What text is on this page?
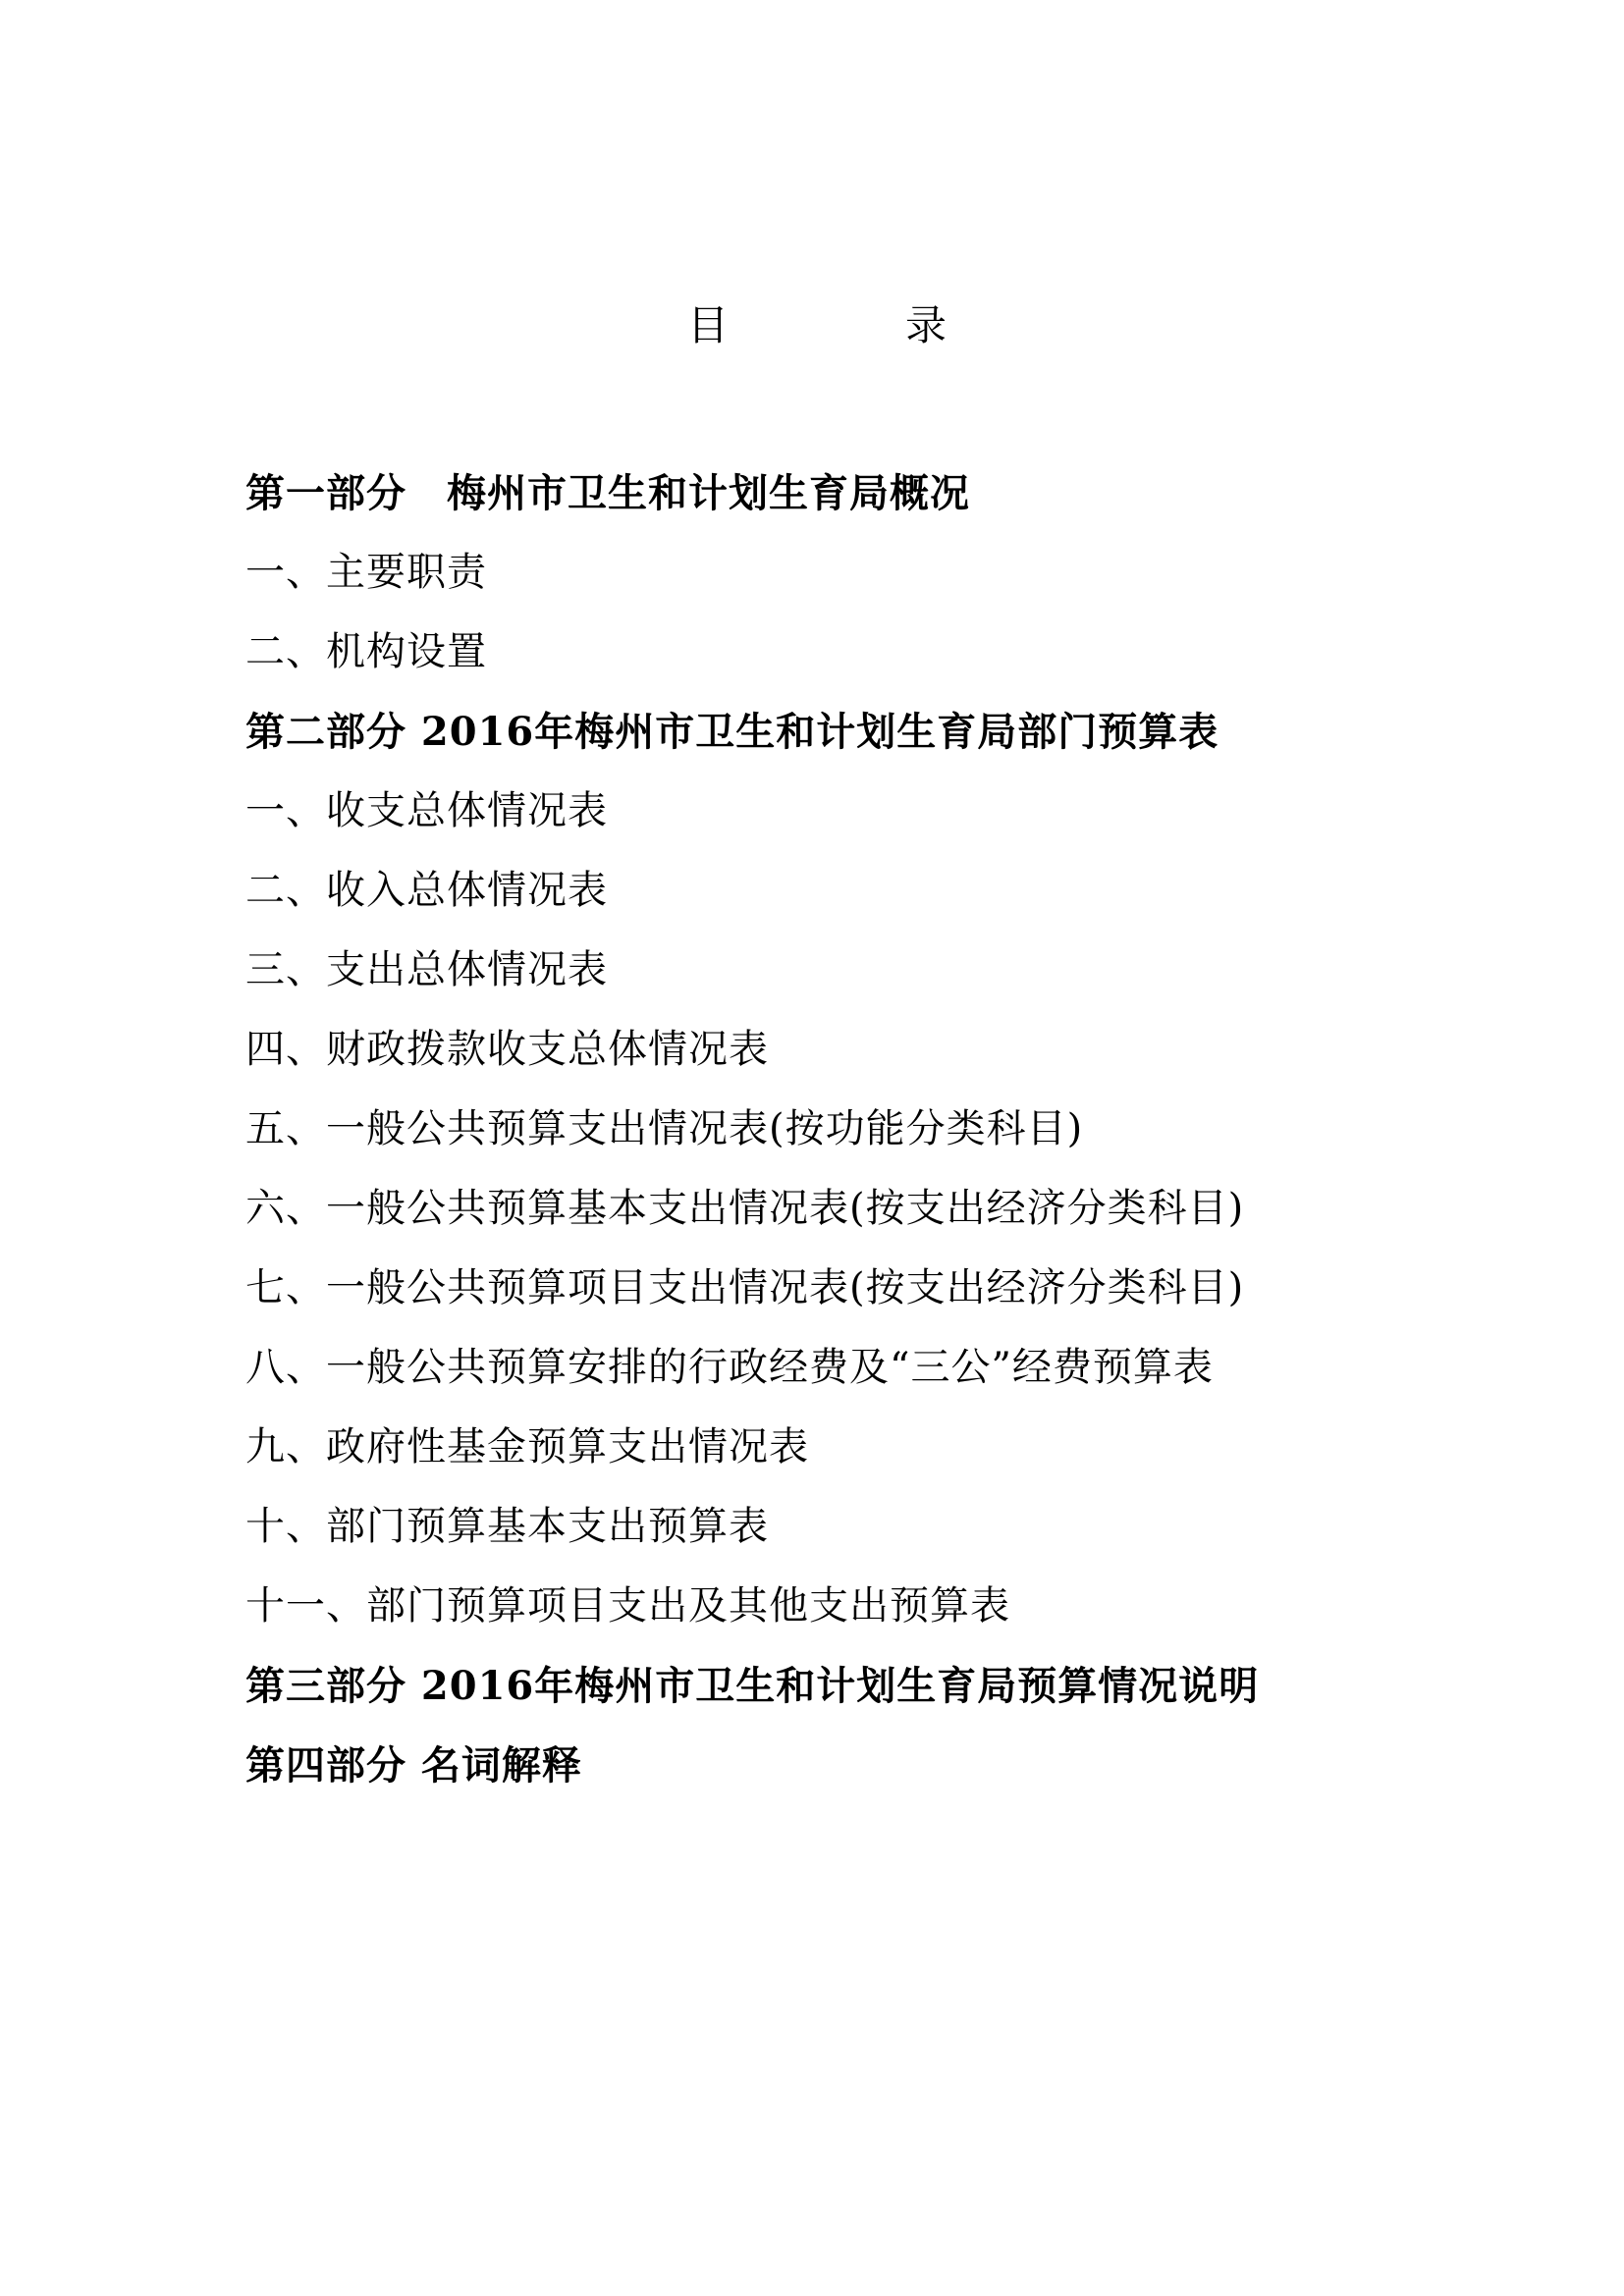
目	录
第一部分　梅州市卫生和计划生育局概况
一、主要职责
二、机构设置
第二部分 2016年梅州市卫生和计划生育局部门预算表
一、收支总体情况表
二、收入总体情况表
三、支出总体情况表
四、财政拨款收支总体情况表
五、一般公共预算支出情况表(按功能分类科目)
六、一般公共预算基本支出情况表(按支出经济分类科目)
七、一般公共预算项目支出情况表(按支出经济分类科目)
八、一般公共预算安排的行政经费及“三公”经费预算表
九、政府性基金预算支出情况表
十、部门预算基本支出预算表
十一、部门预算项目支出及其他支出预算表
第三部分 2016年梅州市卫生和计划生育局预算情况说明
第四部分 名词解释
